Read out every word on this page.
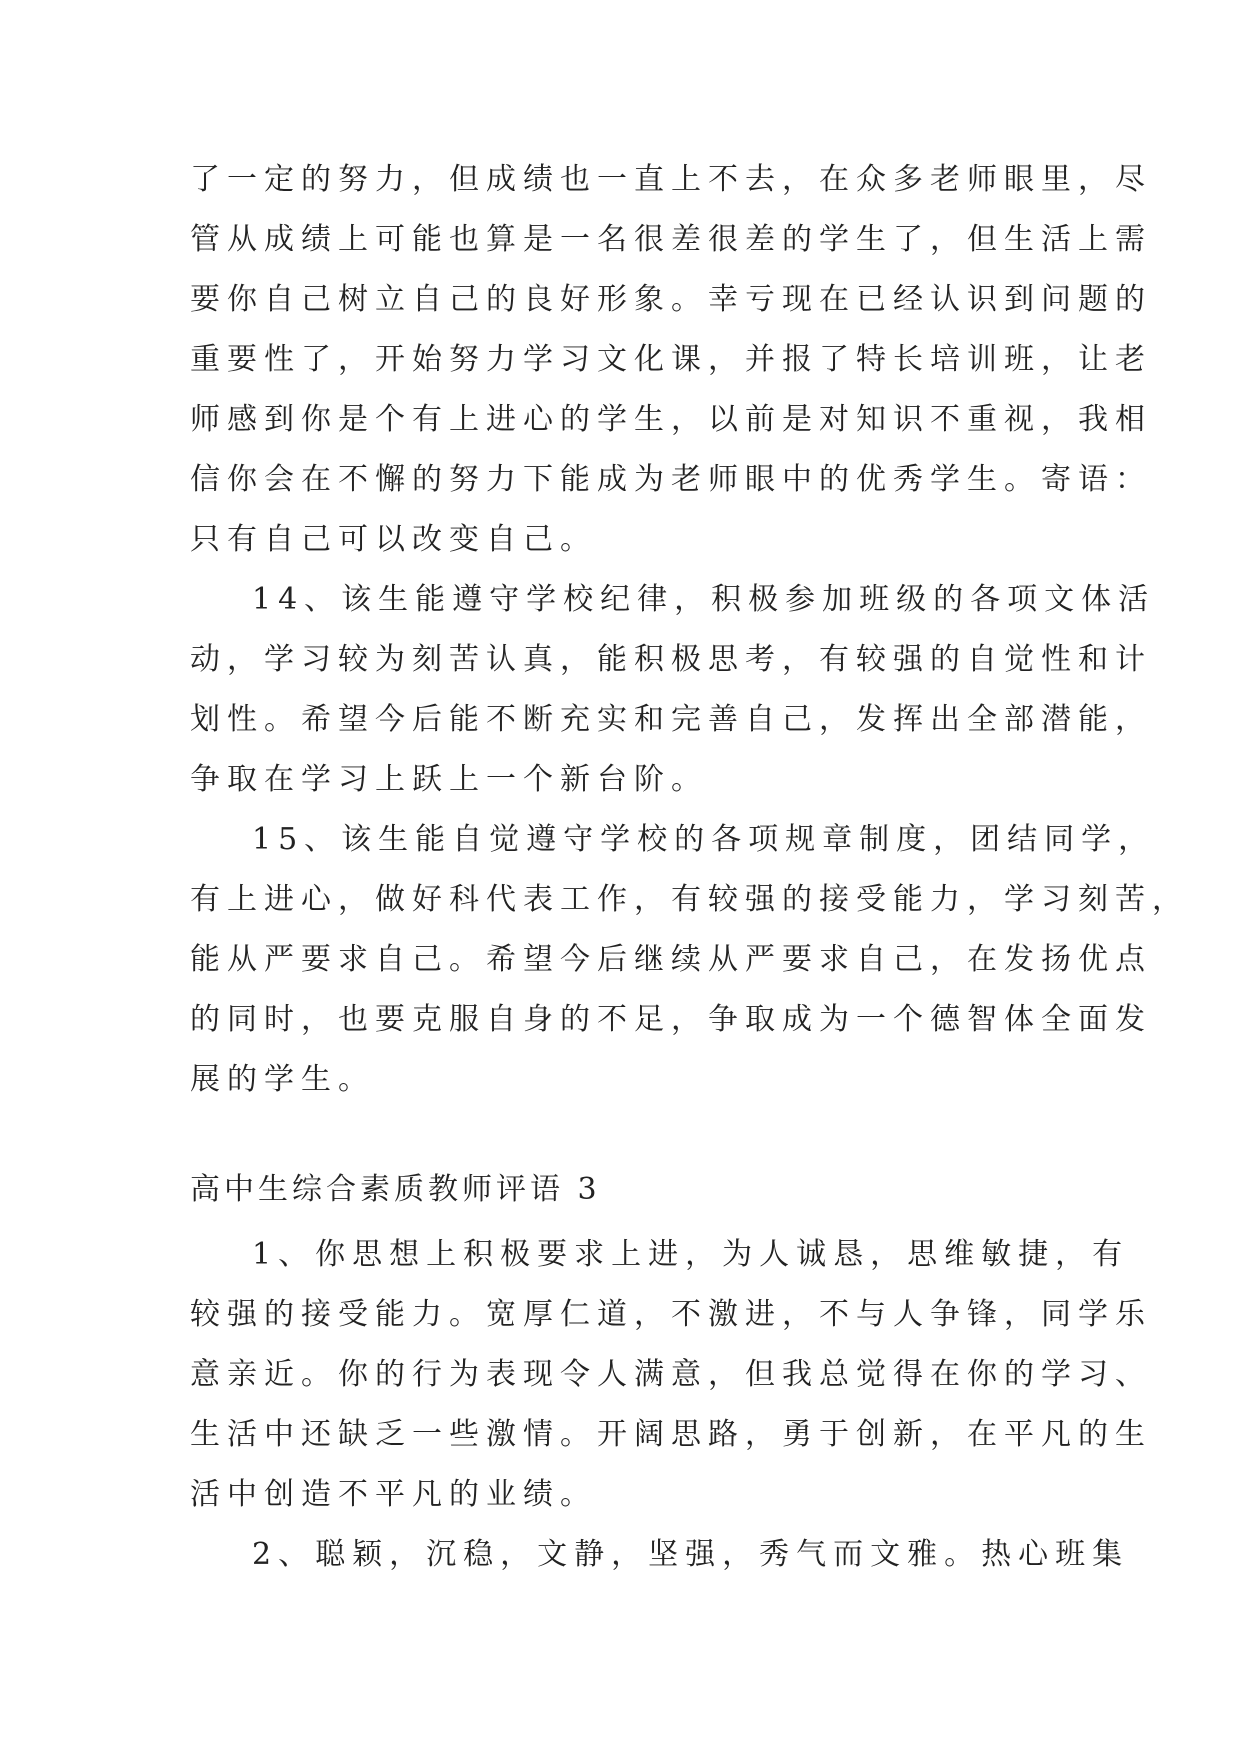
了一定的努力，但成绩也一直上不去，在众多老师眼里，尽
管从成绩上可能也算是一名很差很差的学生了，但生活上需
要你自己树立自己的良好形象。幸亏现在已经认识到问题的
重要性了，开始努力学习文化课，并报了特长培训班，让老
师感到你是个有上进心的学生，以前是对知识不重视，我相
信你会在不懈的努力下能成为老师眼中的优秀学生。寄语：
只有自己可以改变自己。
14、该生能遵守学校纪律，积极参加班级的各项文体活
动，学习较为刻苦认真，能积极思考，有较强的自觉性和计
划性。希望今后能不断充实和完善自己，发挥出全部潜能，
争取在学习上跃上一个新台阶。
15、该生能自觉遵守学校的各项规章制度，团结同学，
有上进心，做好科代表工作，有较强的接受能力，学习刻苦，
能从严要求自己。希望今后继续从严要求自己，在发扬优点
的同时，也要克服自身的不足，争取成为一个德智体全面发
展的学生。
高中生综合素质教师评语 3
1、你思想上积极要求上进，为人诚恳，思维敏捷，有
较强的接受能力。宽厚仁道，不激进，不与人争锋，同学乐
意亲近。你的行为表现令人满意，但我总觉得在你的学习、
生活中还缺乏一些激情。开阔思路，勇于创新，在平凡的生
活中创造不平凡的业绩。
2、聪颖，沉稳，文静，坚强，秀气而文雅。热心班集
